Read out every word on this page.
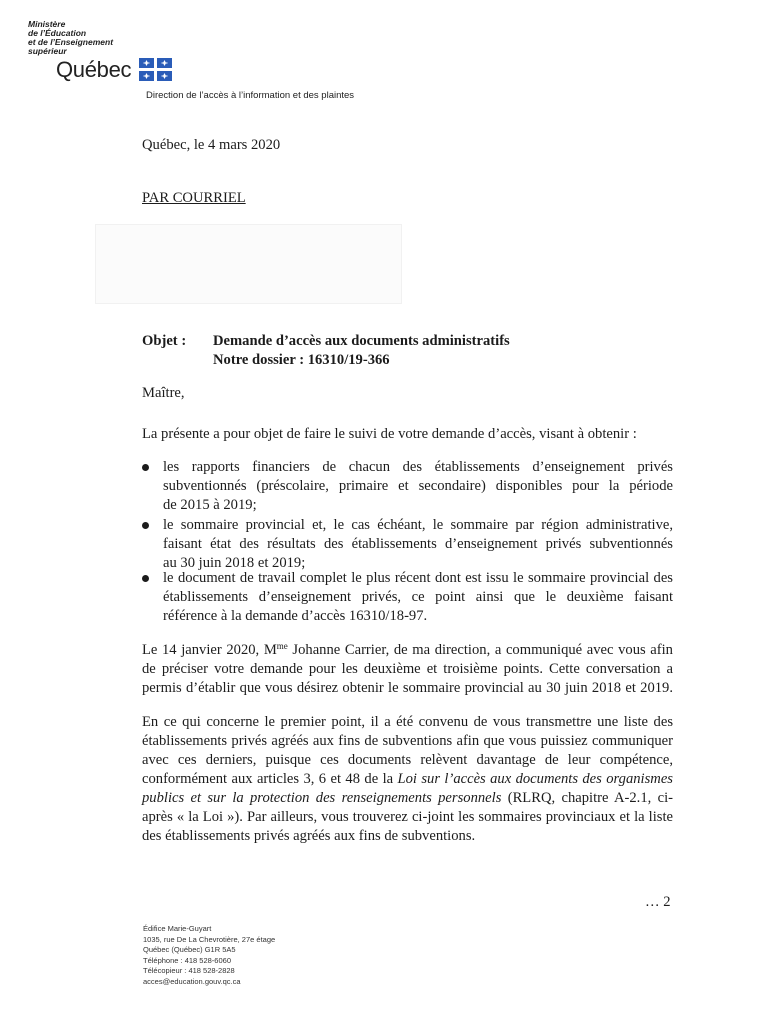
Ministère
de l’Éducation
et de l’Enseignement
supérieur
Québec
Direction de l’accès à l’information et des plaintes
Québec, le 4 mars 2020
PAR COURRIEL
Objet : Demande d’accès aux documents administratifs
Notre dossier : 16310/19-366
Maître,
La présente a pour objet de faire le suivi de votre demande d’accès, visant à obtenir :
les rapports financiers de chacun des établissements d’enseignement privés
subventionnés (préscolaire, primaire et secondaire) disponibles pour la période
de 2015 à 2019;
le sommaire provincial et, le cas échéant, le sommaire par région administrative,
faisant état des résultats des établissements d’enseignement privés subventionnés
au 30 juin 2018 et 2019;
le document de travail complet le plus récent dont est issu le sommaire provincial des
établissements d’enseignement privés, ce point ainsi que le deuxième faisant
référence à la demande d’accès 16310/18-97.
Le 14 janvier 2020, $M^{me}$ Johanne Carrier, de ma direction, a communiqué avec vous afin
de préciser votre demande pour les deuxième et troisième points. Cette conversation a
permis d’établir que vous désirez obtenir le sommaire provincial au 30 juin 2018 et 2019.
En ce qui concerne le premier point, il a été convenu de vous transmettre une liste des
établissements privés agréés aux fins de subventions afin que vous puissiez communiquer
avec ces derniers, puisque ces documents relèvent davantage de leur compétence,
conformément aux articles 3, 6 et 48 de la Loi sur l’accès aux documents des organismes
publics et sur la protection des renseignements personnels (RLRQ, chapitre A-2.1, ci-
après « la Loi »). Par ailleurs, vous trouverez ci-joint les sommaires provinciaux et la liste
des établissements privés agréés aux fins de subventions.
… 2
Édifice Marie-Guyart
1035, rue De La Chevrotière, 27e étage
Québec (Québec) G1R 5A5
Téléphone : 418 528-6060
Télécopieur : 418 528-2828
acces@education.gouv.qc.ca
